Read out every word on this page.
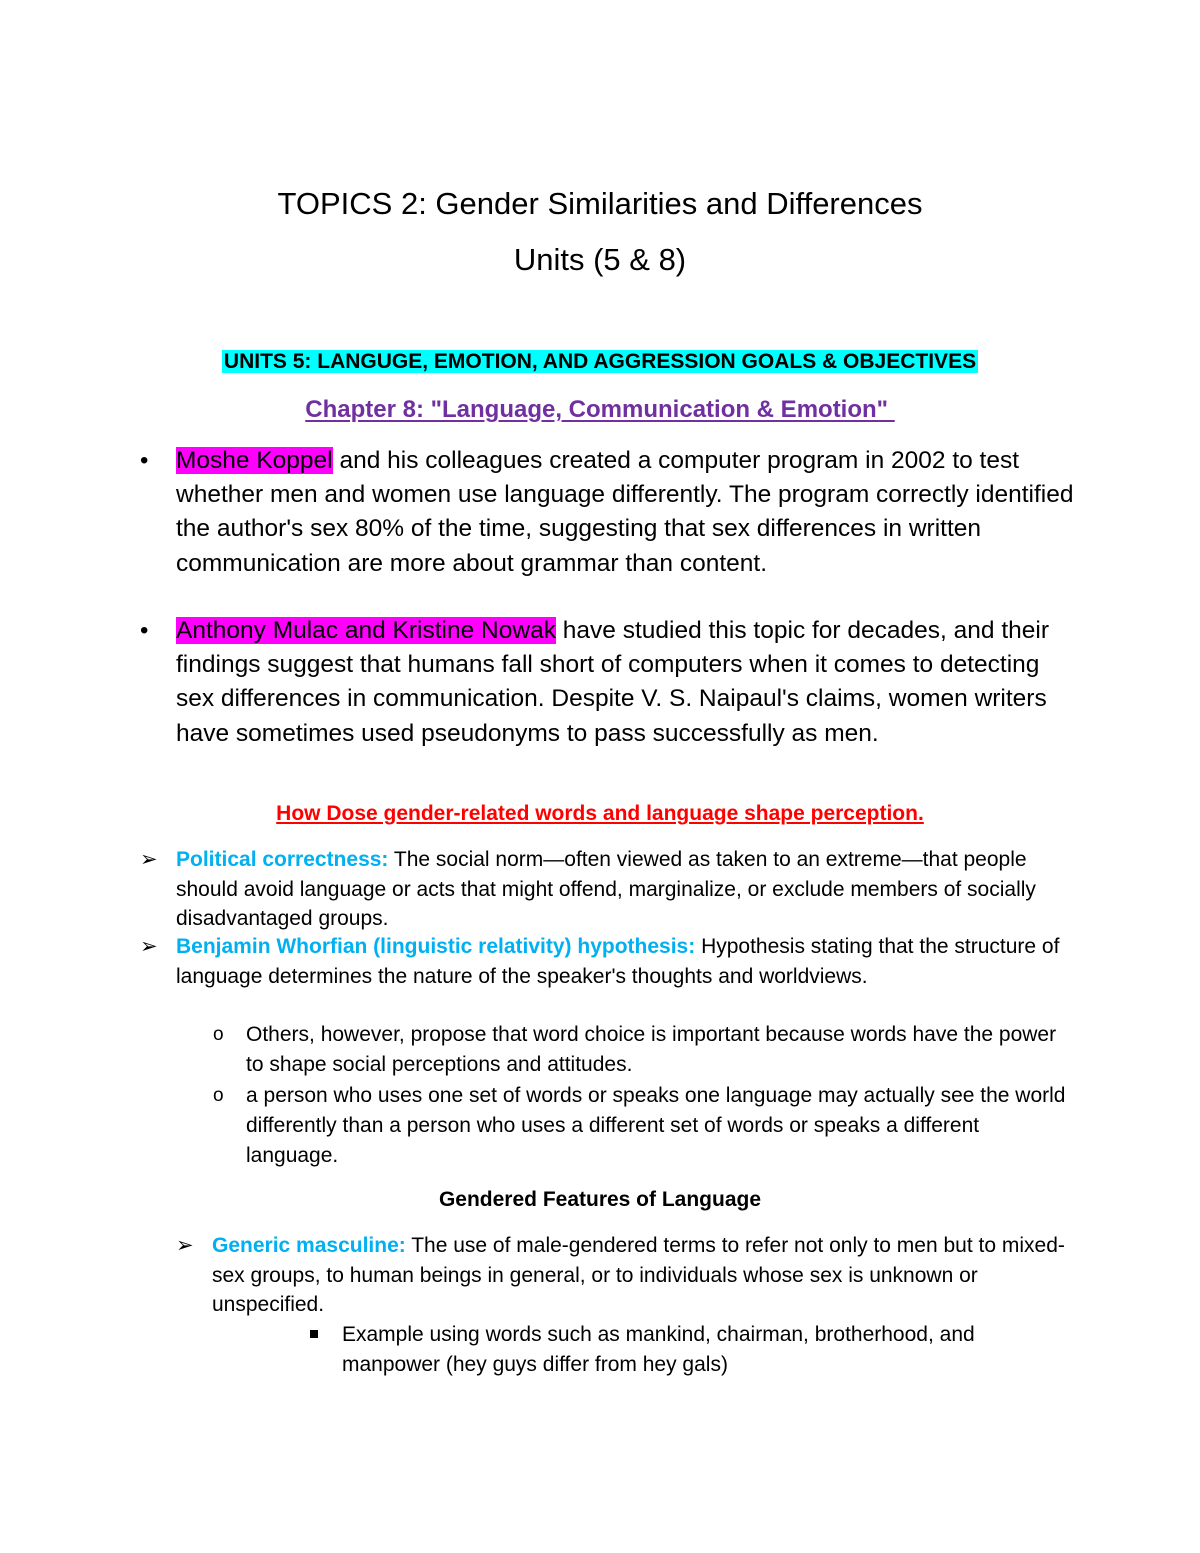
TOPICS 2: Gender Similarities and Differences
Units (5 & 8)
UNITS 5: LANGUGE, EMOTION, AND AGGRESSION GOALS & OBJECTIVES
Chapter 8: "Language, Communication & Emotion"
• Moshe Koppel and his colleagues created a computer program in 2002 to test whether men and women use language differently. The program correctly identified the author's sex 80% of the time, suggesting that sex differences in written communication are more about grammar than content.
• Anthony Mulac and Kristine Nowak have studied this topic for decades, and their findings suggest that humans fall short of computers when it comes to detecting sex differences in communication. Despite V. S. Naipaul's claims, women writers have sometimes used pseudonyms to pass successfully as men.
How Dose gender-related words and language shape perception.
➢ Political correctness: The social norm—often viewed as taken to an extreme—that people should avoid language or acts that might offend, marginalize, or exclude members of socially disadvantaged groups.
➢ Benjamin Whorfian (linguistic relativity) hypothesis: Hypothesis stating that the structure of language determines the nature of the speaker's thoughts and worldviews.
o Others, however, propose that word choice is important because words have the power to shape social perceptions and attitudes.
o a person who uses one set of words or speaks one language may actually see the world differently than a person who uses a different set of words or speaks a different language.
Gendered Features of Language
➢ Generic masculine: The use of male-gendered terms to refer not only to men but to mixed-sex groups, to human beings in general, or to individuals whose sex is unknown or unspecified.
Example using words such as mankind, chairman, brotherhood, and manpower (hey guys differ from hey gals)
